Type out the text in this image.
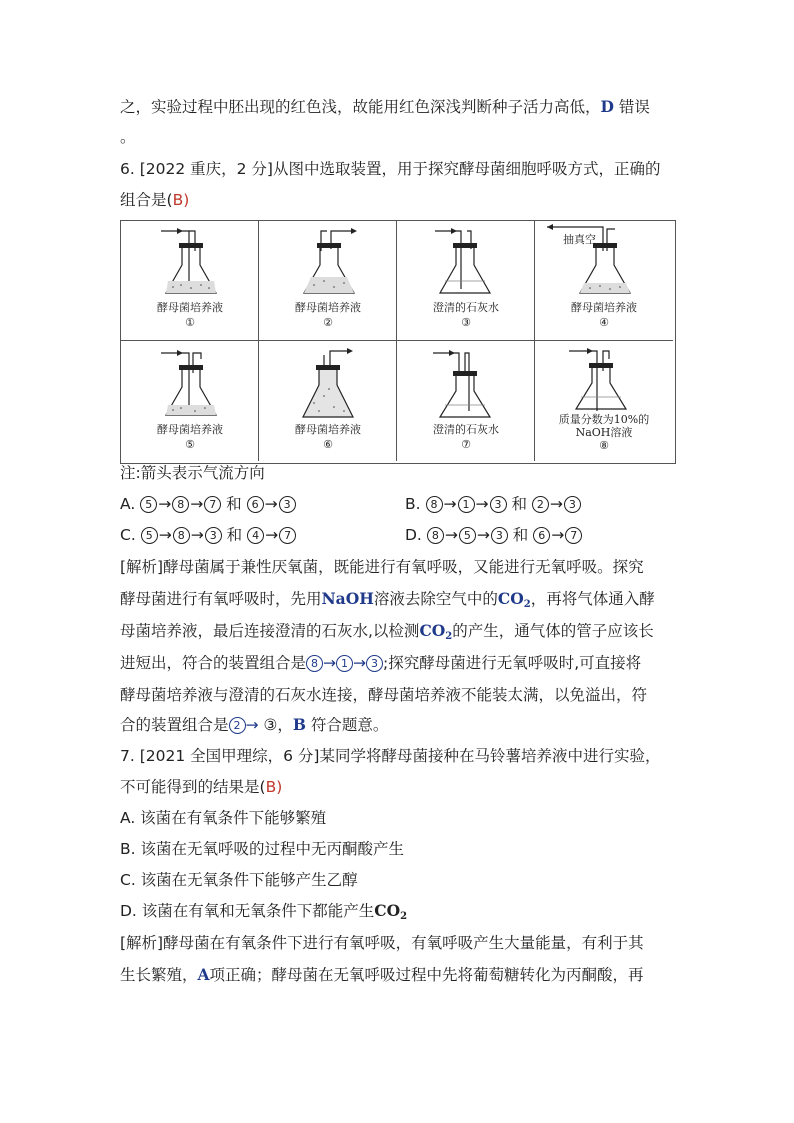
之，实验过程中胚出现的红色浅，故能用红色深浅判断种子活力高低，D 错误
。
6. [2022 重庆，2 分]从图中选取装置，用于探究酵母菌细胞呼吸方式，正确的
组合是(B)
酵母菌培养液
①
酵母菌培养液
②
澄清的石灰水
③
抽真空
酵母菌培养液
④
酵母菌培养液
⑤
酵母菌培养液
⑥
澄清的石灰水
⑦
质量分数为10%的
NaOH溶液
⑧
注:箭头表示气流方向
A. 5 → 8 → 7 和 6 → 3	B. 8 → 1 → 3 和 2 → 3
C. 5 → 8 → 3 和 4 → 7	D. 8 → 5 → 3 和 6 → 7
[解析]酵母菌属于兼性厌氧菌，既能进行有氧呼吸，又能进行无氧呼吸。探究
酵母菌进行有氧呼吸时，先用NaOH溶液去除空气中的$CO_2$，再将气体通入酵
母菌培养液，最后连接澄清的石灰水,以检测$CO_2$的产生，通气体的管子应该长
进短出，符合的装置组合是 8 → 1 → 3 ;探究酵母菌进行无氧呼吸时,可直接将
酵母菌培养液与澄清的石灰水连接，酵母菌培养液不能装太满，以免溢出，符
合的装置组合是 2 → ③，B 符合题意。
7. [2021 全国甲理综，6 分]某同学将酵母菌接种在马铃薯培养液中进行实验，
不可能得到的结果是(B)
A. 该菌在有氧条件下能够繁殖
B. 该菌在无氧呼吸的过程中无丙酮酸产生
C. 该菌在无氧条件下能够产生乙醇
D. 该菌在有氧和无氧条件下都能产生$CO_2$
[解析]酵母菌在有氧条件下进行有氧呼吸，有氧呼吸产生大量能量，有利于其
生长繁殖，A项正确；酵母菌在无氧呼吸过程中先将葡萄糖转化为丙酮酸，再
